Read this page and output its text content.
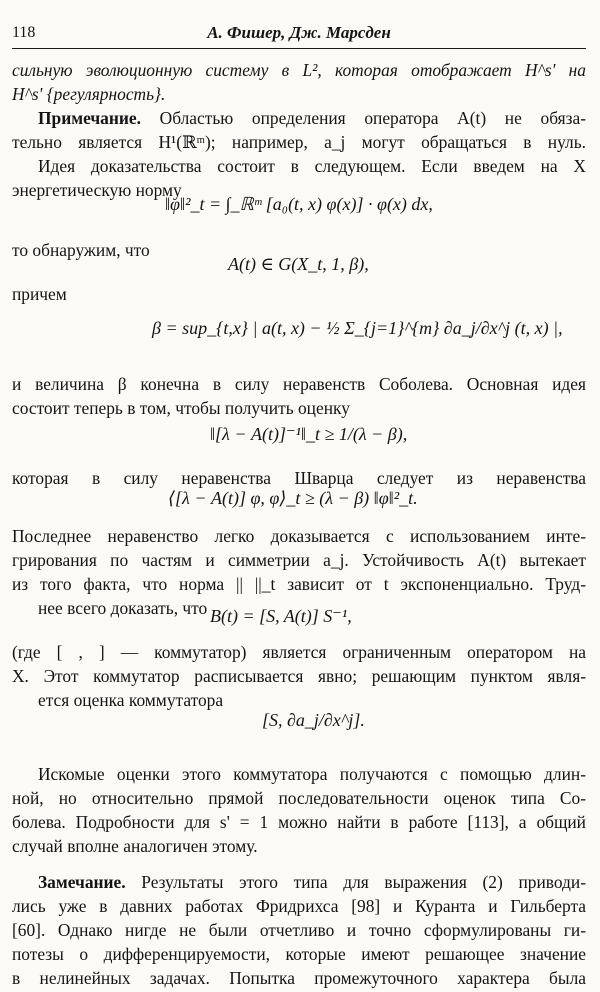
118	А. Фишер, Дж. Марсден
сильную эволюционную систему в L², которая отображает H^s' на
H^s' {регулярность}.
Примечание. Областью определения оператора A(t) не обяза-
тельно является H¹(ℝᵐ); например, a_j могут обращаться в нуль.
Идея доказательства состоит в следующем. Если введем на X
энергетическую норму
‖φ‖²_t = ∫_ℝᵐ [a₀(t, x) φ(x)] · φ(x) dx,
то обнаружим, что
A(t) ∈ G(X_t, 1, β),
причем
β = sup_{t,x} | a(t, x) − ½ Σ_{j=1}^{m} ∂a_j/∂x^j (t, x) |,
и величина β конечна в силу неравенств Соболева. Основная идея
состоит теперь в том, чтобы получить оценку
‖[λ − A(t)]⁻¹‖_t ≥ 1/(λ − β),
которая в силу неравенства Шварца следует из неравенства
⟨[λ − A(t)] φ, φ⟩_t ≥ (λ − β) ‖φ‖²_t.
Последнее неравенство легко доказывается с использованием инте-
грирования по частям и симметрии a_j. Устойчивость A(t) вытекает
из того факта, что норма || ||_t зависит от t экспоненциально. Труд-
нее всего доказать, что B(t) = [S, A(t)] S⁻¹,
(где [ , ] — коммутатор) является ограниченным оператором на
X. Этот коммутатор расписывается явно; решающим пунктом явля-
ется оценка коммутатора
[S, ∂a_j/∂x^j].
Искомые оценки этого коммутатора получаются с помощью длин-
ной, но относительно прямой последовательности оценок типа Со-
болева. Подробности для s' = 1 можно найти в работе [113], а общий
случай вполне аналогичен этому.
Замечание. Результаты этого типа для выражения (2) приводи-
лись уже в давних работах Фридрихса [98] и Куранта и Гильберта
[60]. Однако нигде не были отчетливо и точно сформулированы ги-
потезы о дифференцируемости, которые имеют решающее значение
в нелинейных задачах. Попытка промежуточного характера была
